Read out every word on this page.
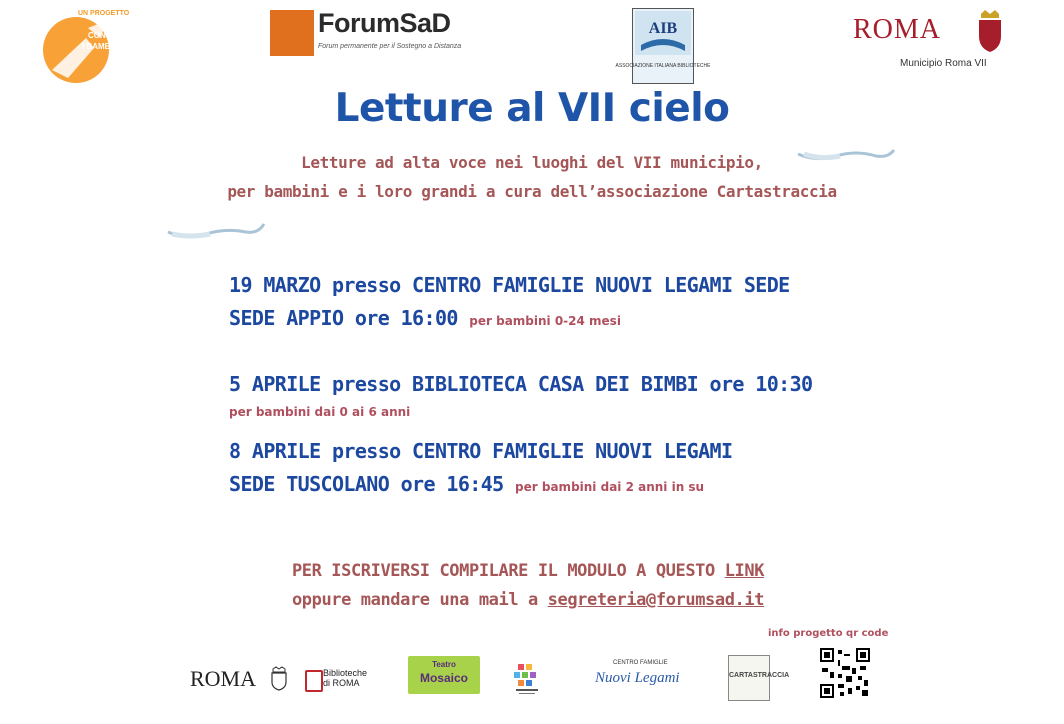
UN PROGETTO
CON
I BAMBINI
ForumSaD
Forum permanente per il Sostegno a Distanza
AIB
ASSOCIAZIONE ITALIANA BIBLIOTECHE
ROMA
Municipio Roma VII
Letture al VII cielo
Letture ad alta voce nei luoghi del VII municipio,
per bambini e i loro grandi a cura dell’associazione Cartastraccia
19 MARZO presso CENTRO FAMIGLIE NUOVI LEGAMI SEDE
SEDE APPIO ore 16:00 per bambini 0-24 mesi
5 APRILE presso BIBLIOTECA CASA DEI BIMBI ore 10:30
per bambini dai 0 ai 6 anni
8 APRILE presso CENTRO FAMIGLIE NUOVI LEGAMI
SEDE TUSCOLANO ore 16:45 per bambini dai 2 anni in su
PER ISCRIVERSI COMPILARE IL MODULO A QUESTO LINK
oppure mandare una mail a segreteria@forumsad.it
info progetto qr code
ROMA	Biblioteche
di ROMA
Teatro
Mosaico
CENTRO FAMIGLIE
Nuovi Legami	CARTASTRACCIA
